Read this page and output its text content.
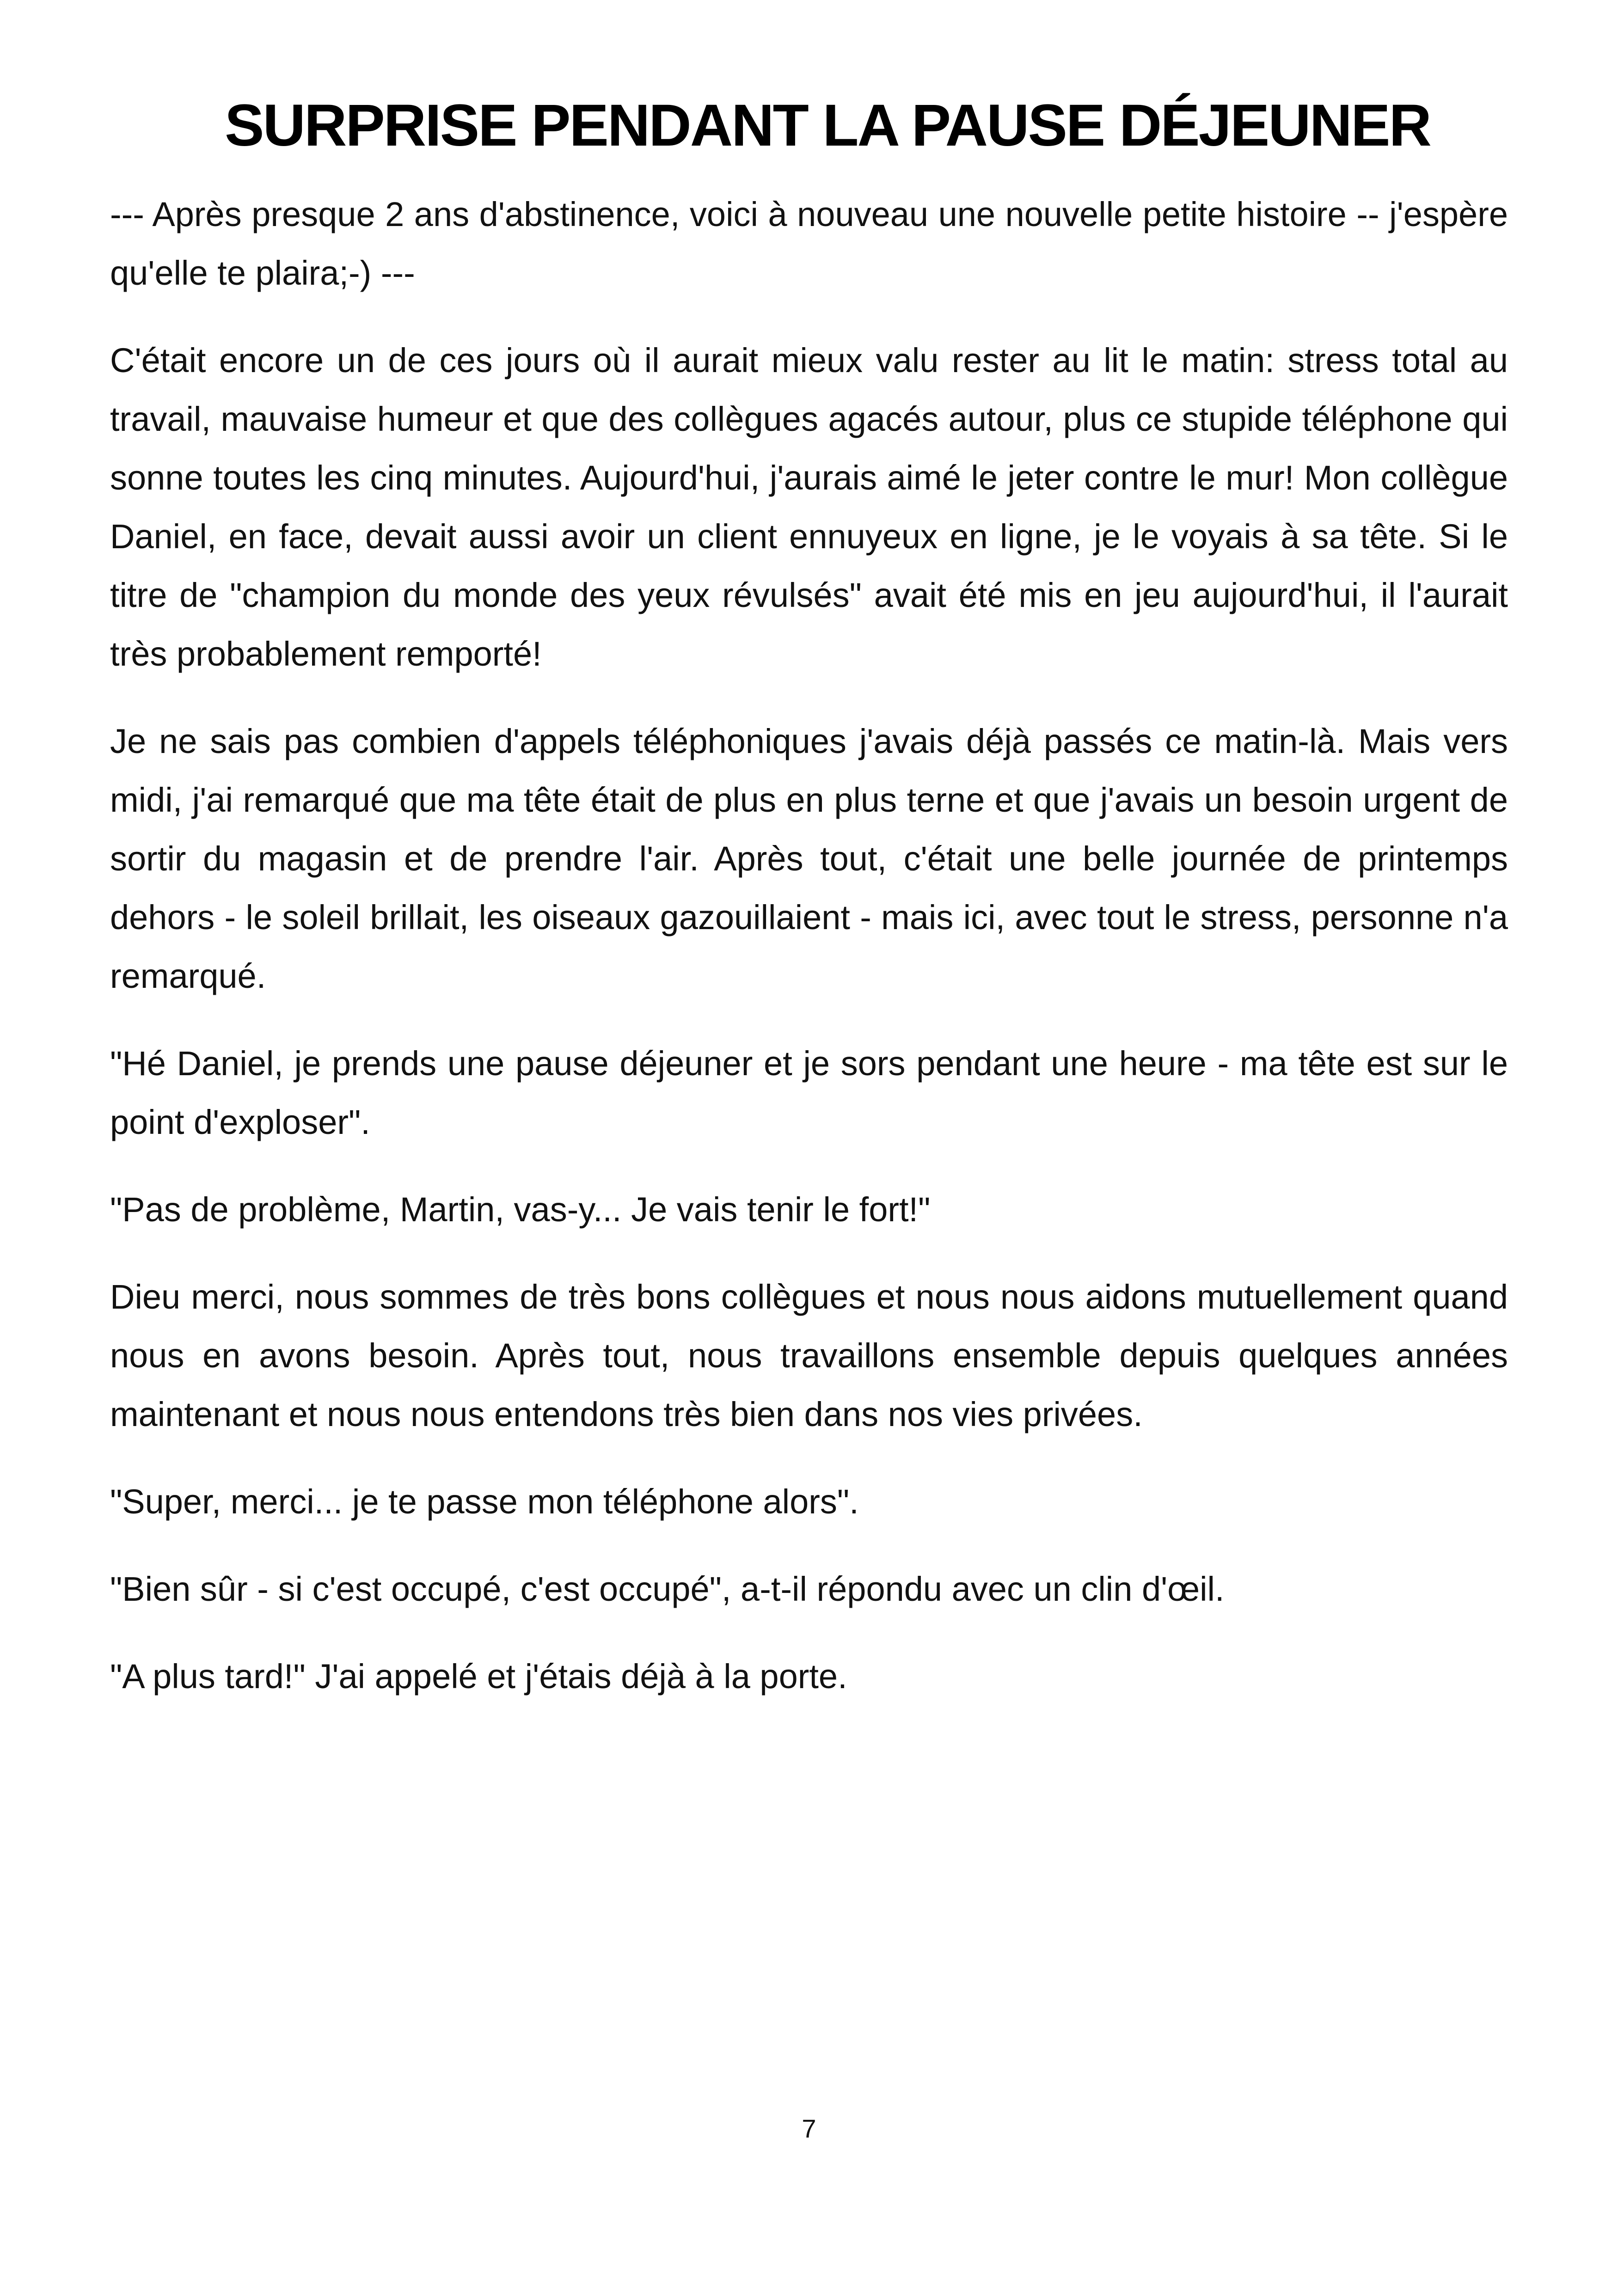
SURPRISE PENDANT LA PAUSE DÉJEUNER

--- Après presque 2 ans d'abstinence, voici à nouveau une nouvelle petite histoire -- j'espère qu'elle te plaira;-) ---

C'était encore un de ces jours où il aurait mieux valu rester au lit le matin: stress total au travail, mauvaise humeur et que des collègues agacés autour, plus ce stupide téléphone qui sonne toutes les cinq minutes. Aujourd'hui, j'aurais aimé le jeter contre le mur! Mon collègue Daniel, en face, devait aussi avoir un client ennuyeux en ligne, je le voyais à sa tête. Si le titre de "champion du monde des yeux révulsés" avait été mis en jeu aujourd'hui, il l'aurait très probablement remporté!

Je ne sais pas combien d'appels téléphoniques j'avais déjà passés ce matin-là. Mais vers midi, j'ai remarqué que ma tête était de plus en plus terne et que j'avais un besoin urgent de sortir du magasin et de prendre l'air. Après tout, c'était une belle journée de printemps dehors - le soleil brillait, les oiseaux gazouillaient - mais ici, avec tout le stress, personne n'a remarqué.

"Hé Daniel, je prends une pause déjeuner et je sors pendant une heure - ma tête est sur le point d'exploser".

"Pas de problème, Martin, vas-y... Je vais tenir le fort!"

Dieu merci, nous sommes de très bons collègues et nous nous aidons mutuellement quand nous en avons besoin. Après tout, nous travaillons ensemble depuis quelques années maintenant et nous nous entendons très bien dans nos vies privées.

"Super, merci... je te passe mon téléphone alors".

"Bien sûr - si c'est occupé, c'est occupé", a-t-il répondu avec un clin d'œil.

"A plus tard!" J'ai appelé et j'étais déjà à la porte.

7
